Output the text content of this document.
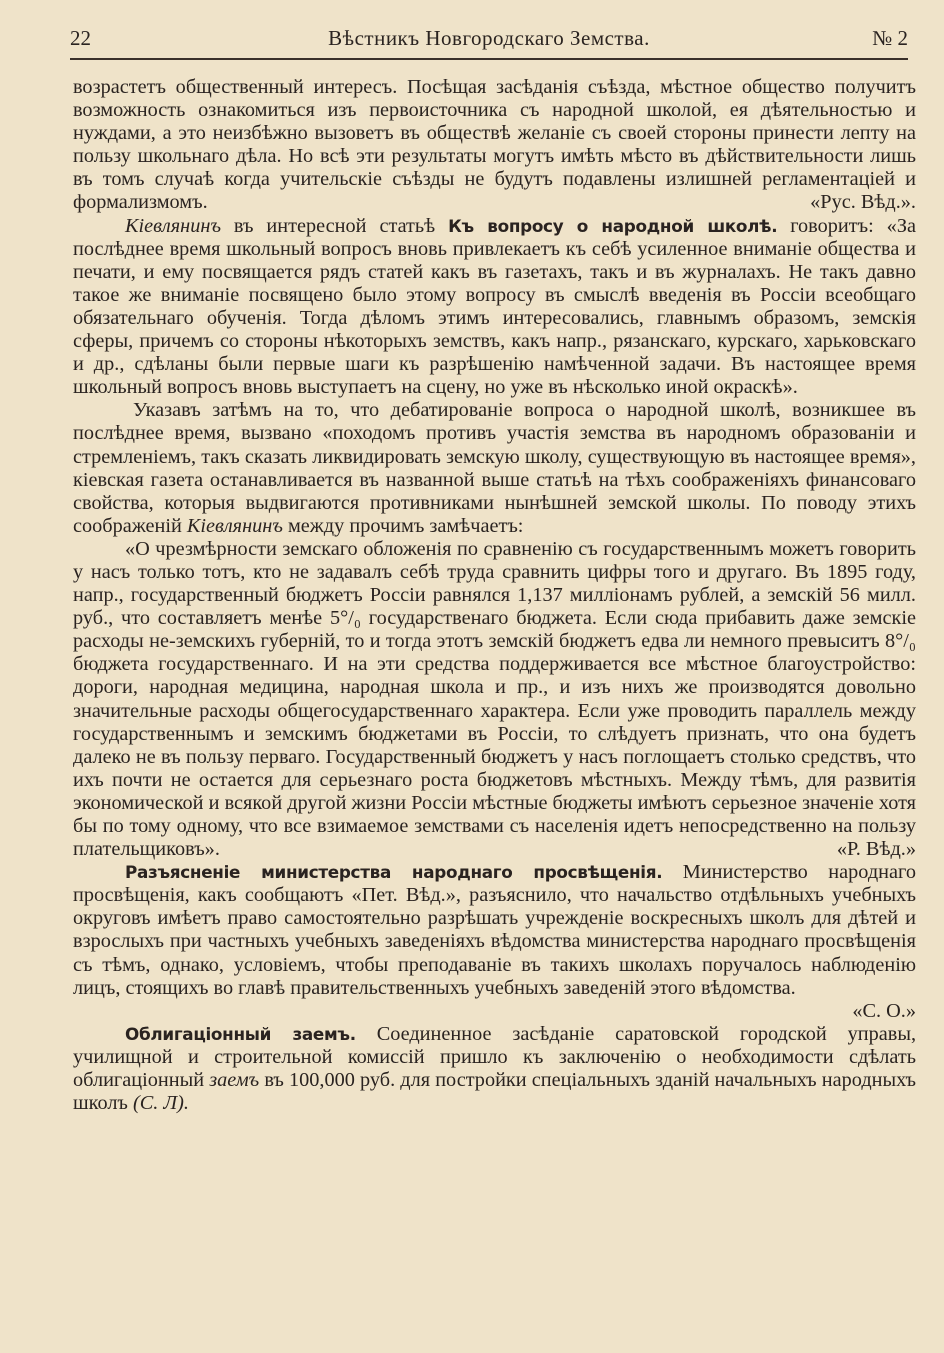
22	Вѣстникъ Новгородскаго Земства.	№ 2

возрастетъ общественный интересъ. Посѣщая засѣданія съѣзда, мѣстное общество получитъ возможность ознакомиться изъ первоисточника съ народной школой, ея дѣятельностью и нуждами, а это неизбѣжно вызоветъ въ обществѣ желаніе съ своей стороны принести лепту на пользу школьнаго дѣла. Но всѣ эти результаты могутъ имѣть мѣсто въ дѣйствительности лишь въ томъ случаѣ когда учительскіе съѣзды не будутъ подавлены излишней регламентаціей и формализмомъ.	«Рус. Вѣд.».

Кіевлянинъ въ интересной статьѣ Къ вопросу о народной школѣ. говоритъ: «За послѣднее время школьный вопросъ вновь привлекаетъ къ себѣ усиленное вниманіе общества и печати, и ему посвящается рядъ статей какъ въ газетахъ, такъ и въ журналахъ. Не такъ давно такое же вниманіе посвящено было этому вопросу въ смыслѣ введенія въ Россіи всеобщаго обязательнаго обученія. Тогда дѣломъ этимъ интересовались, главнымъ образомъ, земскія сферы, причемъ со стороны нѣкоторыхъ земствъ, какъ напр., рязанскаго, курскаго, харьковскаго и др., сдѣланы были первые шаги къ разрѣшенію намѣченной задачи. Въ настоящее время школьный вопросъ вновь выступаетъ на сцену, но уже въ нѣсколько иной окраскѣ».

Указавъ затѣмъ на то, что дебатированіе вопроса о народной школѣ, возникшее въ послѣднее время, вызвано «походомъ противъ участія земства въ народномъ образованіи и стремленіемъ, такъ сказать ликвидировать земскую школу, существующую въ настоящее время», кіевская газета останавливается въ названной выше статьѣ на тѣхъ соображеніяхъ финансоваго свойства, которыя выдвигаются противниками нынѣшней земской школы. По поводу этихъ соображеній Кіевлянинъ между прочимъ замѣчаетъ:

«О чрезмѣрности земскаго обложенія по сравненію съ государственнымъ можетъ говорить у насъ только тотъ, кто не задавалъ себѣ труда сравнить цифры того и другаго. Въ 1895 году, напр., государственный бюджетъ Россіи равнялся 1,137 милліонамъ рублей, а земскій 56 милл. руб., что составляетъ менѣе 5°/₀ государственаго бюджета. Если сюда прибавить даже земскіе расходы не-земскихъ губерній, то и тогда этотъ земскій бюджетъ едва ли немного превыситъ 8°/₀ бюджета государственнаго. И на эти средства поддерживается все мѣстное благоустройство: дороги, народная медицина, народная школа и пр., и изъ нихъ же производятся довольно значительные расходы общегосударственнаго характера. Если уже проводить параллель между государственнымъ и земскимъ бюджетами въ Россіи, то слѣдуетъ признать, что она будетъ далеко не въ пользу перваго. Государственный бюджетъ у насъ поглощаетъ столько средствъ, что ихъ почти не остается для серьезнаго роста бюджетовъ мѣстныхъ. Между тѣмъ, для развитія экономической и всякой другой жизни Россіи мѣстные бюджеты имѣютъ серьезное значеніе хотя бы по тому одному, что все взимаемое земствами съ населенія идетъ непосредственно на пользу плательщиковъ».	«Р. Вѣд.»

Разъясненіе министерства народнаго просвѣщенія. Министерство народнаго просвѣщенія, какъ сообщаютъ «Пет. Вѣд.», разъяснило, что начальство отдѣльныхъ учебныхъ округовъ имѣетъ право самостоятельно разрѣшать учрежденіе воскресныхъ школъ для дѣтей и взрослыхъ при частныхъ учебныхъ заведеніяхъ вѣдомства министерства народнаго просвѣщенія съ тѣмъ, однако, условіемъ, чтобы преподаваніе въ такихъ школахъ поручалось наблюденію лицъ, стоящихъ во главѣ правительственныхъ учебныхъ заведеній этого вѣдомства.
«С. О.»

Облигаціонный заемъ. Соединенное засѣданіе саратовской городской управы, училищной и строительной комиссій пришло къ заключенію о необходимости сдѣлать облигаціонный заемъ въ 100,000 руб. для постройки спеціальныхъ зданій начальныхъ народныхъ школъ (С. Л).
